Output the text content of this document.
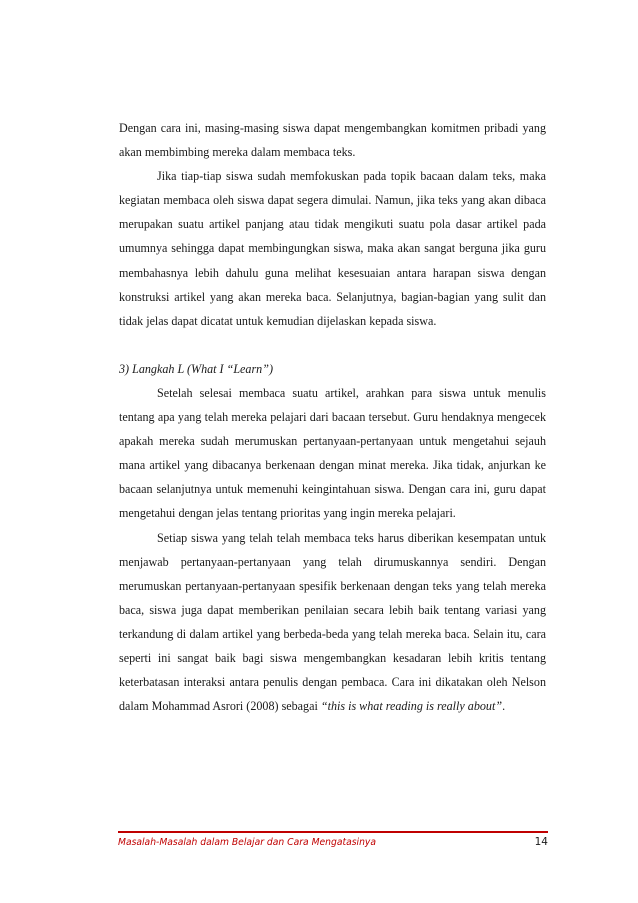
Dengan cara ini, masing-masing siswa dapat mengembangkan komitmen pribadi yang akan membimbing mereka dalam membaca teks.

Jika tiap-tiap siswa sudah memfokuskan pada topik bacaan dalam teks, maka kegiatan membaca oleh siswa dapat segera dimulai. Namun, jika teks yang akan dibaca merupakan suatu artikel panjang atau tidak mengikuti suatu pola dasar artikel pada umumnya sehingga dapat membingungkan siswa, maka akan sangat berguna jika guru membahasnya lebih dahulu guna melihat kesesuaian antara harapan siswa dengan konstruksi artikel yang akan mereka baca. Selanjutnya, bagian-bagian yang sulit dan tidak jelas dapat dicatat untuk kemudian dijelaskan kepada siswa.

3) Langkah L (What I “Learn”)

Setelah selesai membaca suatu artikel, arahkan para siswa untuk menulis tentang apa yang telah mereka pelajari dari bacaan tersebut. Guru hendaknya mengecek apakah mereka sudah merumuskan pertanyaan-pertanyaan untuk mengetahui sejauh mana artikel yang dibacanya berkenaan dengan minat mereka. Jika tidak, anjurkan ke bacaan selanjutnya untuk memenuhi keingintahuan siswa. Dengan cara ini, guru dapat mengetahui dengan jelas tentang prioritas yang ingin mereka pelajari.

Setiap siswa yang telah telah membaca teks harus diberikan kesempatan untuk menjawab pertanyaan-pertanyaan yang telah dirumuskannya sendiri. Dengan merumuskan pertanyaan-pertanyaan spesifik berkenaan dengan teks yang telah mereka baca, siswa juga dapat memberikan penilaian secara lebih baik tentang variasi yang terkandung di dalam artikel yang berbeda-beda yang telah mereka baca. Selain itu, cara seperti ini sangat baik bagi siswa mengembangkan kesadaran lebih kritis tentang keterbatasan interaksi antara penulis dengan pembaca. Cara ini dikatakan oleh Nelson dalam Mohammad Asrori (2008) sebagai “this is what reading is really about”.

Masalah-Masalah dalam Belajar dan Cara Mengatasinya	14
